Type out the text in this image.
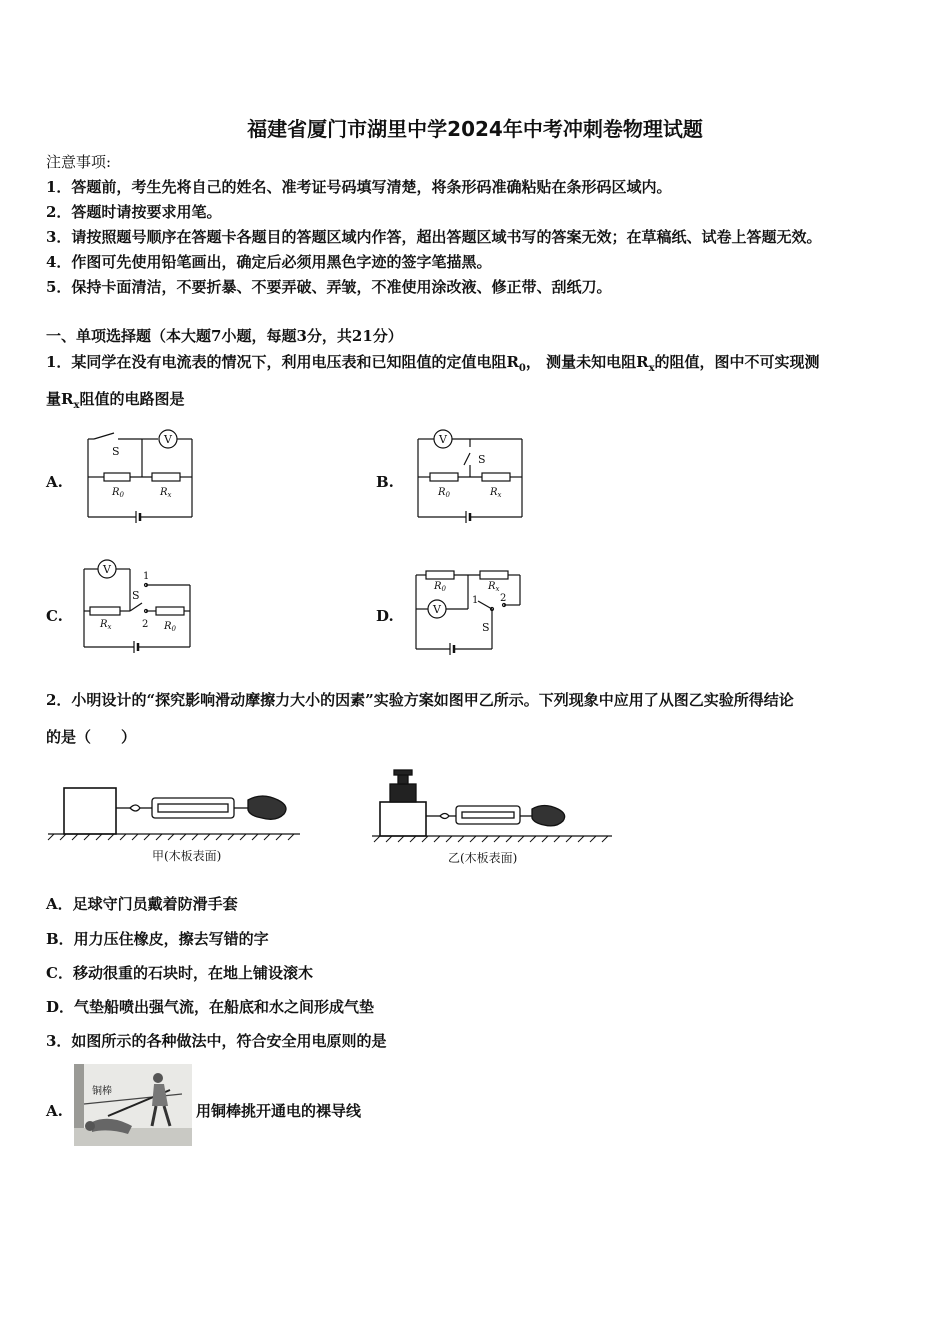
福建省厦门市湖里中学2024年中考冲刺卷物理试题
注意事项:
1．答题前，考生先将自己的姓名、准考证号码填写清楚，将条形码准确粘贴在条形码区域内。
2．答题时请按要求用笔。
3．请按照题号顺序在答题卡各题目的答题区域内作答，超出答题区域书写的答案无效；在草稿纸、试卷上答题无效。
4．作图可先使用铅笔画出，确定后必须用黑色字迹的签字笔描黑。
5．保持卡面清洁，不要折暴、不要弄破、弄皱，不准使用涂改液、修正带、刮纸刀。
一、单项选择题（本大题7小题，每题3分，共21分）
1．某同学在没有电流表的情况下，利用电压表和已知阻值的定值电阻$R_0$， 测量未知电阻$R_x$的阻值，图中不可实现测
量$R_x$阻值的电路图是
A.	B.
C.	D.
S
V
$R_0$	$R_x$
V
S
$R_0$	$R_x$
V
1
S
2
$R_x$	$R_0$
V
1 2
S
$R_0$	$R_x$
2．小明设计的“探究影响滑动摩擦力大小的因素”实验方案如图甲乙所示。下列现象中应用了从图乙实验所得结论
的是（　　）
甲(木板表面)	乙(木板表面)
A．足球守门员戴着防滑手套
B．用力压住橡皮，擦去写错的字
C．移动很重的石块时，在地上铺设滚木
D．气垫船喷出强气流，在船底和水之间形成气垫
3．如图所示的各种做法中，符合安全用电原则的是
A.
铜棒
用铜棒挑开通电的裸导线
